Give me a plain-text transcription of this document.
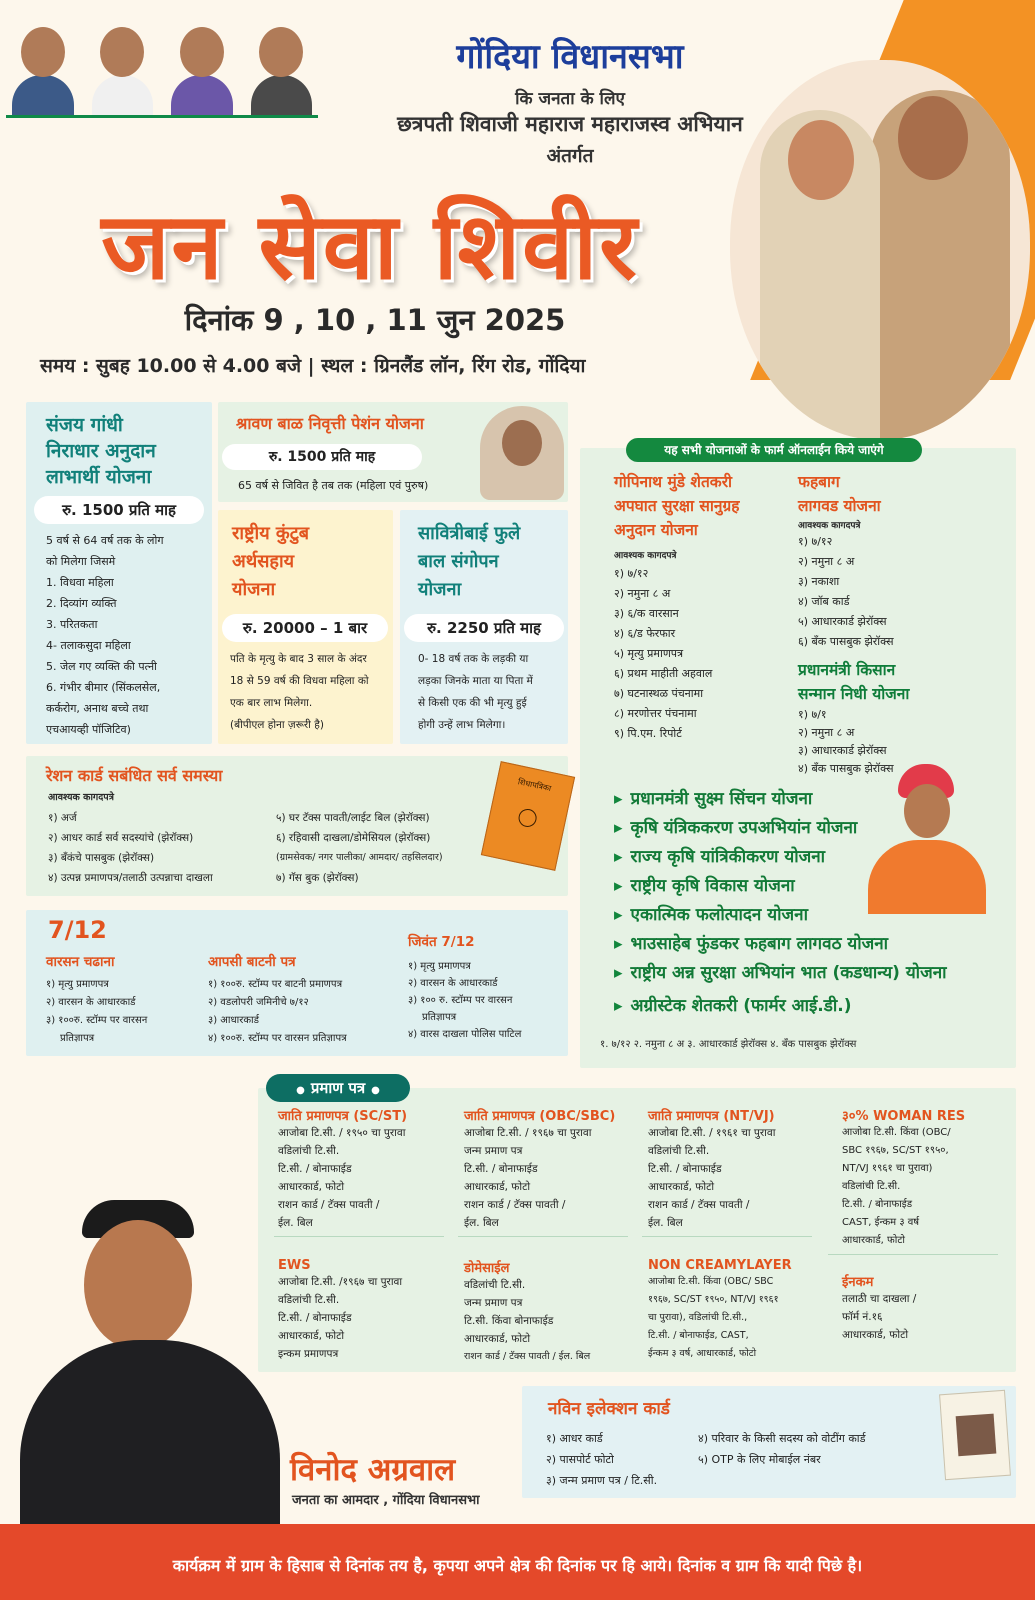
गोंदिया विधानसभा
कि जनता के लिए
छत्रपती शिवाजी महाराज महाराजस्व अभियान
अंतर्गत
जन सेवा शिवीर
दिनांक 9 , 10 , 11 जुन 2025
समय : सुबह 10.00 से 4.00 बजे | स्थल : ग्रिनलैंड लॉन, रिंग रोड, गोंदिया
संजय गांधी
निराधार अनुदान
लाभार्थी योजना
रु. 1500 प्रति माह
5 वर्ष से 64 वर्ष तक के लोग
को मिलेगा जिसमे
1. विधवा महिला
2. दिव्यांग व्यक्ति
3. परितकता
4- तलाकसुदा महिला
5. जेल गए व्यक्ति की पत्नी
6. गंभीर बीमार (सिंकलसेल,
कर्करोग, अनाथ बच्चे तथा
एचआयव्ही पॉजिटिव)
श्रावण बाळ निवृत्ती पेशंन योजना
रु. 1500 प्रति माह
65 वर्ष से जिवित है तब तक (महिला एवं पुरुष)
राष्ट्रीय कुंटुब
अर्थसहाय
योजना
रु. 20000 – 1 बार
पति के मृत्यु के बाद 3 साल के अंदर
18 से 59 वर्ष की विधवा महिला को
एक बार लाभ मिलेगा.
(बीपीएल होना ज़रूरी है)
सावित्रीबाई फुले
बाल संगोपन
योजना
रु. 2250 प्रति माह
0- 18 वर्ष तक के लड़की या
लड़का जिनके माता या पिता में
से किसी एक की भी मृत्यु हुई
होगी उन्हें लाभ मिलेगा।
यह सभी योजनाओं के फार्म ऑनलाईन किये जाएंगे
गोपिनाथ मुंडे शेतकरी
अपघात सुरक्षा सानुग्रह
अनुदान योजना
आवश्यक कागदपत्रे
१) ७/१२
२) नमुना ८ अ
३) ६/क वारसान
४) ६/ड फेरफार
५) मृत्यु प्रमाणपत्र
६) प्रथम माहीती अहवाल
७) घटनास्थळ पंचनामा
८) मरणोत्तर पंचनामा
९) पि.एम. रिपोर्ट
फहबाग
लागवड योजना
आवश्यक कागदपत्रे
१) ७/१२
२) नमुना ८ अ
३) नकाशा
४) जॉब कार्ड
५) आधारकार्ड झेरॉक्स
६) बँक पासबुक झेरॉक्स
प्रधानमंत्री किसान
सन्मान निधी योजना
१) ७/१
२) नमुना ८ अ
३) आधारकार्ड झेरॉक्स
४) बँक पासबुक झेरॉक्स
१. ७/१२ २. नमुना ८ अ ३. आधारकार्ड झेरॉक्स ४. बँक पासबुक झेरॉक्स
▸ प्रधानमंत्री सुक्ष्म सिंचन योजना
▸ कृषि यंत्रिककरण उपअभियांन योजना
▸ राज्य कृषि यांत्रिकीकरण योजना
▸ राष्ट्रीय कृषि विकास योजना
▸ एकात्मिक फलोत्पादन योजना
▸ भाउसाहेब फुंडकर फहबाग लागवठ योजना
▸ राष्ट्रीय अन्न सुरक्षा अभियांन भात (कडधान्य) योजना
▸ अग्रीस्टेक शेतकरी (फार्मर आई.डी.)
रेशन कार्ड सबंधित सर्व समस्या
आवश्यक कागदपत्रे
१) अर्ज
२) आधर कार्ड सर्व सदस्यांचे (झेरॉक्स)
३) बँकंचे पासबुक (झेरॉक्स)
४) उत्पन्न प्रमाणपत्र/तलाठी उत्पन्नाचा दाखला
५) घर टॅक्स पावती/लाईट बिल (झेरॉक्स)
६) रहिवासी दाखला/डोमेसियल (झेरॉक्स)
(ग्रामसेवक/ नगर पालीका/ आमदार/ तहसिलदार)
७) गॅस बुक (झेरॉक्स)
शिधापत्रिका
7/12
वारसन चढाना
१) मृत्यु प्रमाणपत्र
२) वारसन के आधारकार्ड
३) १००रु. स्टॉम्प पर वारसन
प्रतिज्ञापत्र
आपसी बाटनी पत्र
१) १००रु. स्टॉम्प पर बाटनी प्रमाणपत्र
२) वडलोपरी जमिनीचे ७/१२
३) आधारकार्ड
४) १००रु. स्टॉम्प पर वारसन प्रतिज्ञापत्र
जिवंत 7/12
१) मृत्यु प्रमाणपत्र
२) वारसन के आधारकार्ड
३) १०० रु. स्टॉम्प पर वारसन
प्रतिज्ञापत्र
४) वारस दाखला पोलिस पाटिल
जाति प्रमाणपत्र (SC/ST)
आजोबा टि.सी. / १९५० चा पुरावा
वडिलांची टि.सी.
टि.सी. / बोनाफाईड
आधारकार्ड, फोटो
राशन कार्ड / टॅक्स पावती /
ईल. बिल
जाति प्रमाणपत्र (OBC/SBC)
आजोबा टि.सी. / १९६७ चा पुरावा
जन्म प्रमाण पत्र
टि.सी. / बोनाफाईड
आधारकार्ड, फोटो
राशन कार्ड / टॅक्स पावती /
ईल. बिल
जाति प्रमाणपत्र (NT/VJ)
आजोबा टि.सी. / १९६१ चा पुरावा
वडिलांची टि.सी.
टि.सी. / बोनाफाईड
आधारकार्ड, फोटो
राशन कार्ड / टॅक्स पावती /
ईल. बिल
३०% WOMAN RES
आजोबा टि.सी. किंवा (OBC/
SBC १९६७, SC/ST १९५०,
NT/VJ १९६१ चा पुरावा)
वडिलांची टि.सी.
टि.सी. / बोनाफाईड
CAST, ईन्कम ३ वर्ष
आधारकार्ड, फोटो
EWS
आजोबा टि.सी. /१९६७ चा पुरावा
वडिलांची टि.सी.
टि.सी. / बोनाफाईड
आधारकार्ड, फोटो
इन्कम प्रमाणपत्र
डोमेसाईल
वडिलांची टि.सी.
जन्म प्रमाण पत्र
टि.सी. किंवा बोनाफाईड
आधारकार्ड, फोटो
राशन कार्ड / टॅक्स पावती / ईल. बिल
NON CREAMYLAYER
आजोबा टि.सी. किंवा (OBC/ SBC
१९६७, SC/ST १९५०, NT/VJ १९६१
चा पुरावा), वडिलांची टि.सी.,
टि.सी. / बोनाफाईड, CAST,
ईन्कम ३ वर्ष, आधारकार्ड, फोटो
ईनकम
तलाठी चा दाखला /
फॉर्म नं.१६
आधारकार्ड, फोटो
● प्रमाण पत्र ●
विनोद अग्रवाल
जनता का आमदार , गोंदिया विधानसभा
नविन इलेक्शन कार्ड
१) आधर कार्ड
२) पासपोर्ट फोटो
३) जन्म प्रमाण पत्र / टि.सी.
४) परिवार के किसी सदस्य को वोटींग कार्ड
५) OTP के लिए मोबाईल नंबर
कार्यक्रम में ग्राम के हिसाब से दिनांक तय है, कृपया अपने क्षेत्र की दिनांक पर हि आये। दिनांक व ग्राम कि यादी पिछे है।
